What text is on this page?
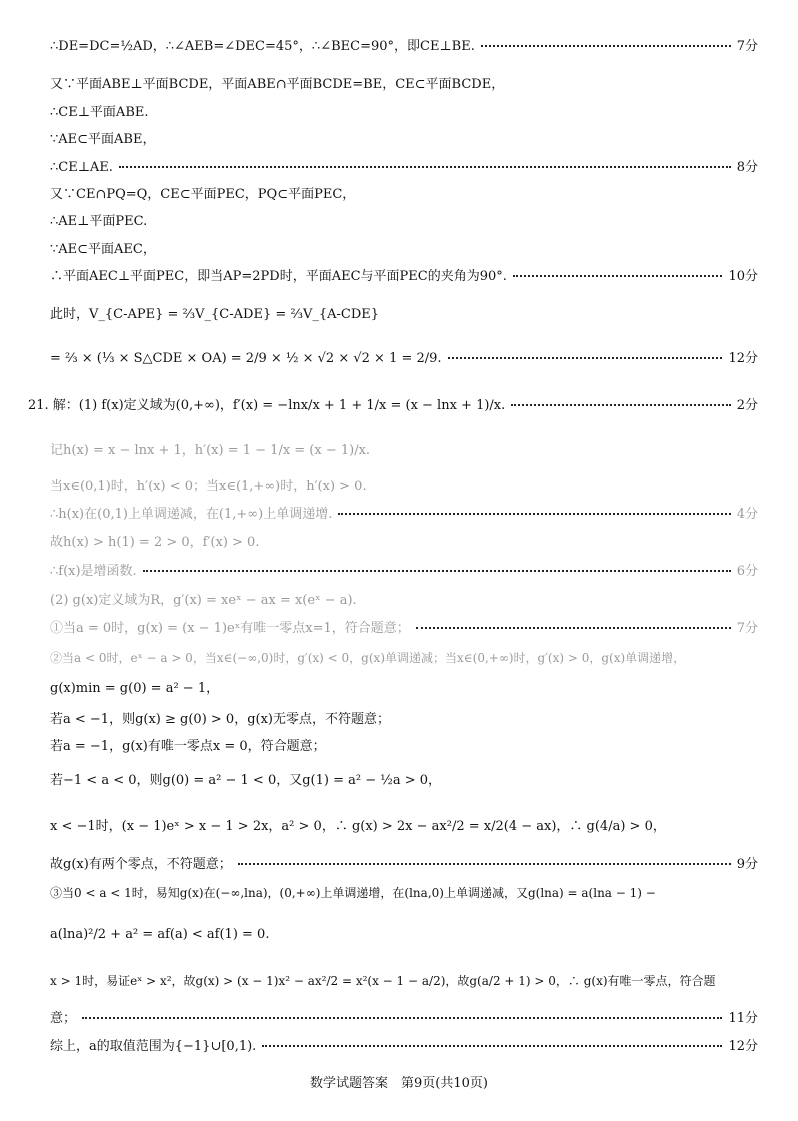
∴DE=DC=½AD，∴∠AEB=∠DEC=45°，∴∠BEC=90°，即CE⊥BE.	7分
又∵平面ABE⊥平面BCDE，平面ABE∩平面BCDE=BE，CE⊂平面BCDE，
∴CE⊥平面ABE.
∵AE⊂平面ABE，
∴CE⊥AE.	8分
又∵CE∩PQ=Q，CE⊂平面PEC，PQ⊂平面PEC，
∴AE⊥平面PEC.
∵AE⊂平面AEC，
∴平面AEC⊥平面PEC，即当AP=2PD时，平面AEC与平面PEC的夹角为90°.	10分
此时，V_{C-APE} = ⅔V_{C-ADE} = ⅔V_{A-CDE}
= ⅔ × (⅓ × S△CDE × OA) = 2/9 × ½ × √2 × √2 × 1 = 2/9.	12分
21. 解：(1) f(x)定义域为(0,+∞)，f′(x) = −lnx/x + 1 + 1/x = (x − lnx + 1)/x.	2分
记h(x) = x − lnx + 1，h′(x) = 1 − 1/x = (x − 1)/x.
当x∈(0,1)时，h′(x) < 0；当x∈(1,+∞)时，h′(x) > 0.
∴h(x)在(0,1)上单调递减，在(1,+∞)上单调递增.	4分
故h(x) > h(1) = 2 > 0，f′(x) > 0.
∴f(x)是增函数.	6分
(2) g(x)定义域为R，g′(x) = xeˣ − ax = x(eˣ − a).
①当a = 0时，g(x) = (x − 1)eˣ有唯一零点x=1，符合题意；	7分
②当a < 0时，eˣ − a > 0，当x∈(−∞,0)时，g′(x) < 0，g(x)单调递减；当x∈(0,+∞)时，g′(x) > 0，g(x)单调递增，
g(x)min = g(0) = a² − 1，
若a < −1，则g(x) ≥ g(0) > 0，g(x)无零点，不符题意；
若a = −1，g(x)有唯一零点x = 0，符合题意；
若−1 < a < 0，则g(0) = a² − 1 < 0，又g(1) = a² − ½a > 0，
x < −1时，(x − 1)eˣ > x − 1 > 2x，a² > 0，∴ g(x) > 2x − ax²/2 = x/2(4 − ax)，∴ g(4/a) > 0，
故g(x)有两个零点，不符题意；	9分
③当0 < a < 1时，易知g(x)在(−∞,lna)，(0,+∞)上单调递增，在(lna,0)上单调递减，又g(lna) = a(lna − 1) −
a(lna)²/2 + a² = af(a) < af(1) = 0.
x > 1时，易证eˣ > x²，故g(x) > (x − 1)x² − ax²/2 = x²(x − 1 − a/2)，故g(a/2 + 1) > 0，∴ g(x)有唯一零点，符合题
意；	11分
综上，a的取值范围为{−1}∪[0,1).	12分
数学试题答案　第9页(共10页)
